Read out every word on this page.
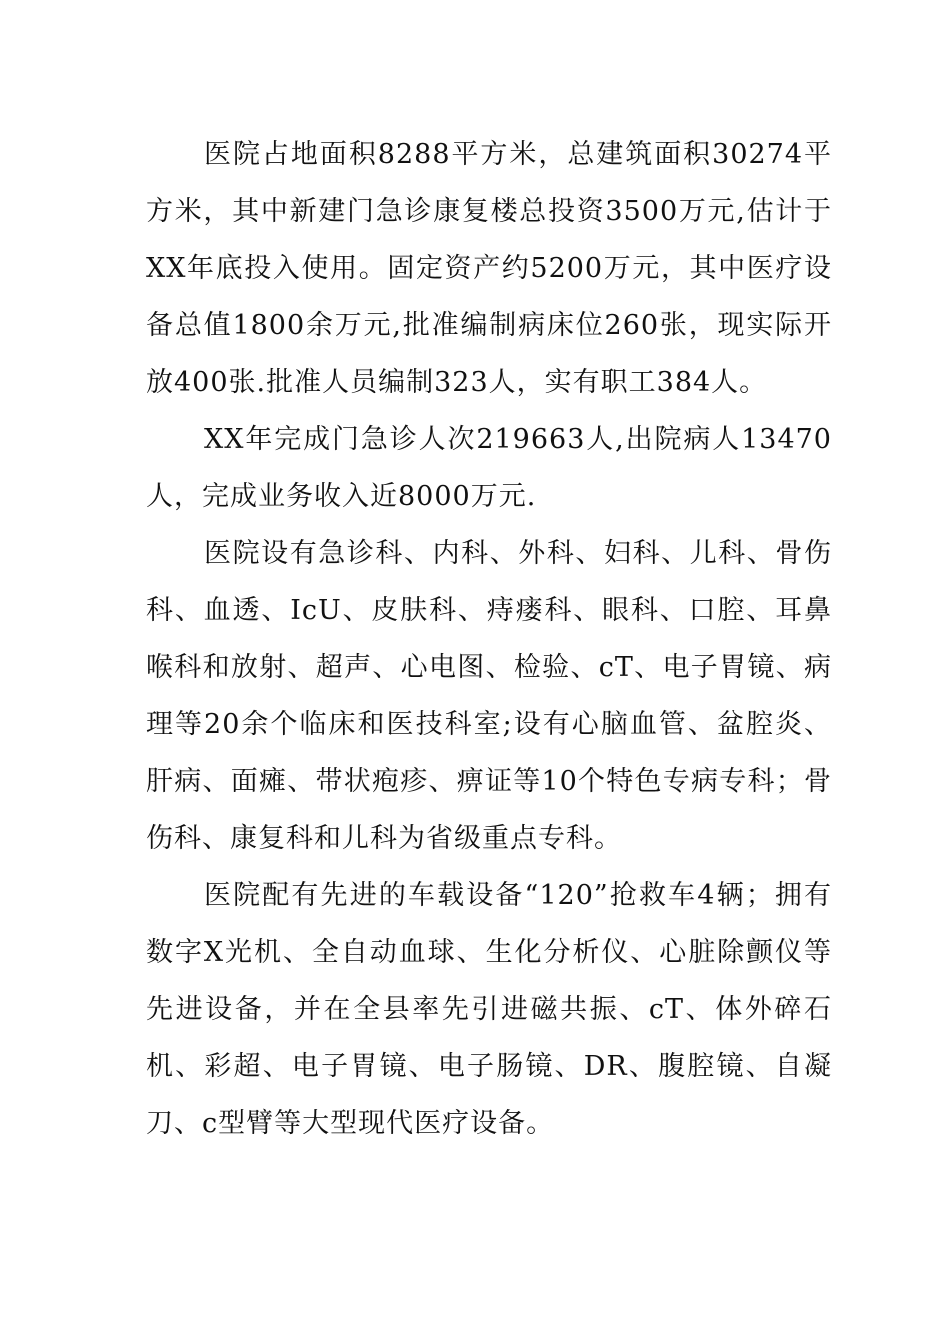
医院占地面积8288平方米，总建筑面积30274平方米，其中新建门急诊康复楼总投资3500万元,估计于XX年底投入使用。固定资产约5200万元，其中医疗设备总值1800余万元,批准编制病床位260张，现实际开放400张.批准人员编制323人，实有职工384人。

XX年完成门急诊人次219663人,出院病人13470人，完成业务收入近8000万元.

医院设有急诊科、内科、外科、妇科、儿科、骨伤科、血透、IcU、皮肤科、痔瘘科、眼科、口腔、耳鼻喉科和放射、超声、心电图、检验、cT、电子胃镜、病理等20余个临床和医技科室;设有心脑血管、盆腔炎、肝病、面瘫、带状疱疹、痹证等10个特色专病专科；骨伤科、康复科和儿科为省级重点专科。

医院配有先进的车载设备“120”抢救车4辆；拥有数字X光机、全自动血球、生化分析仪、心脏除颤仪等先进设备，并在全县率先引进磁共振、cT、体外碎石机、彩超、电子胃镜、电子肠镜、DR、腹腔镜、自凝刀、c型臂等大型现代医疗设备。
